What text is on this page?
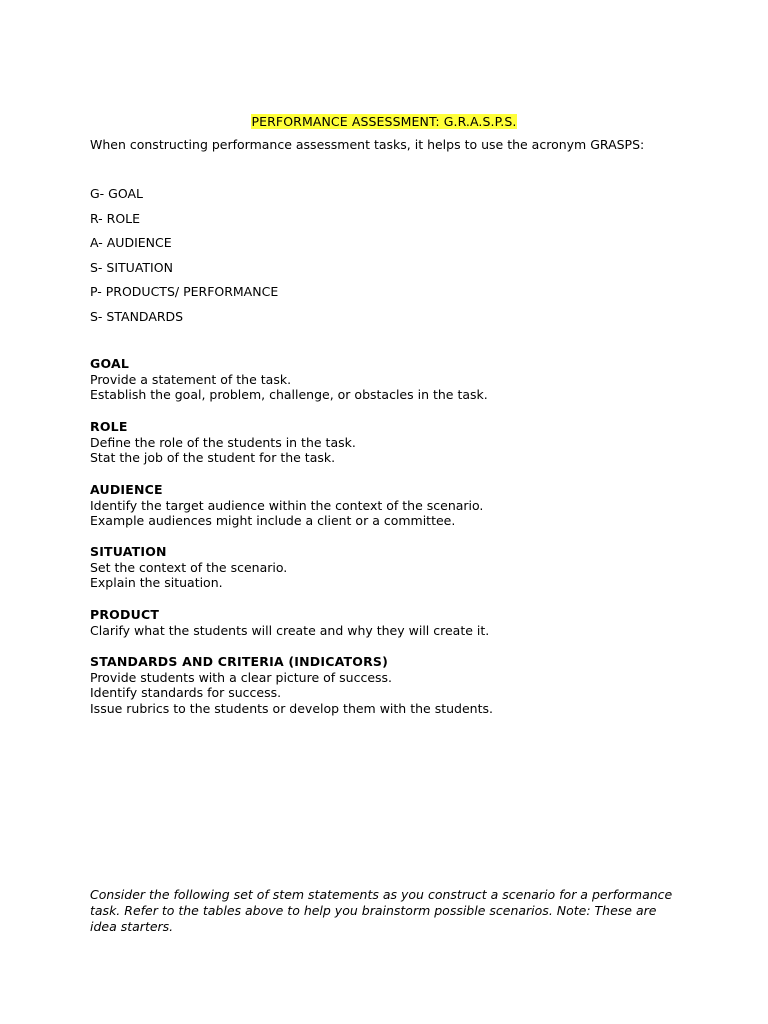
PERFORMANCE ASSESSMENT: G.R.A.S.P.S.
When constructing performance assessment tasks, it helps to use the acronym GRASPS:
G- GOAL
R- ROLE
A- AUDIENCE
S- SITUATION
P- PRODUCTS/ PERFORMANCE
S- STANDARDS
GOAL
Provide a statement of the task.
Establish the goal, problem, challenge, or obstacles in the task.
ROLE
Define the role of the students in the task.
Stat the job of the student for the task.
AUDIENCE
Identify the target audience within the context of the scenario.
Example audiences might include a client or a committee.
SITUATION
Set the context of the scenario.
Explain the situation.
PRODUCT
Clarify what the students will create and why they will create it.
STANDARDS AND CRITERIA (INDICATORS)
Provide students with a clear picture of success.
Identify standards for success.
Issue rubrics to the students or develop them with the students.
Consider the following set of stem statements as you construct a scenario for a performance task. Refer to the tables above to help you brainstorm possible scenarios. Note: These are idea starters.
